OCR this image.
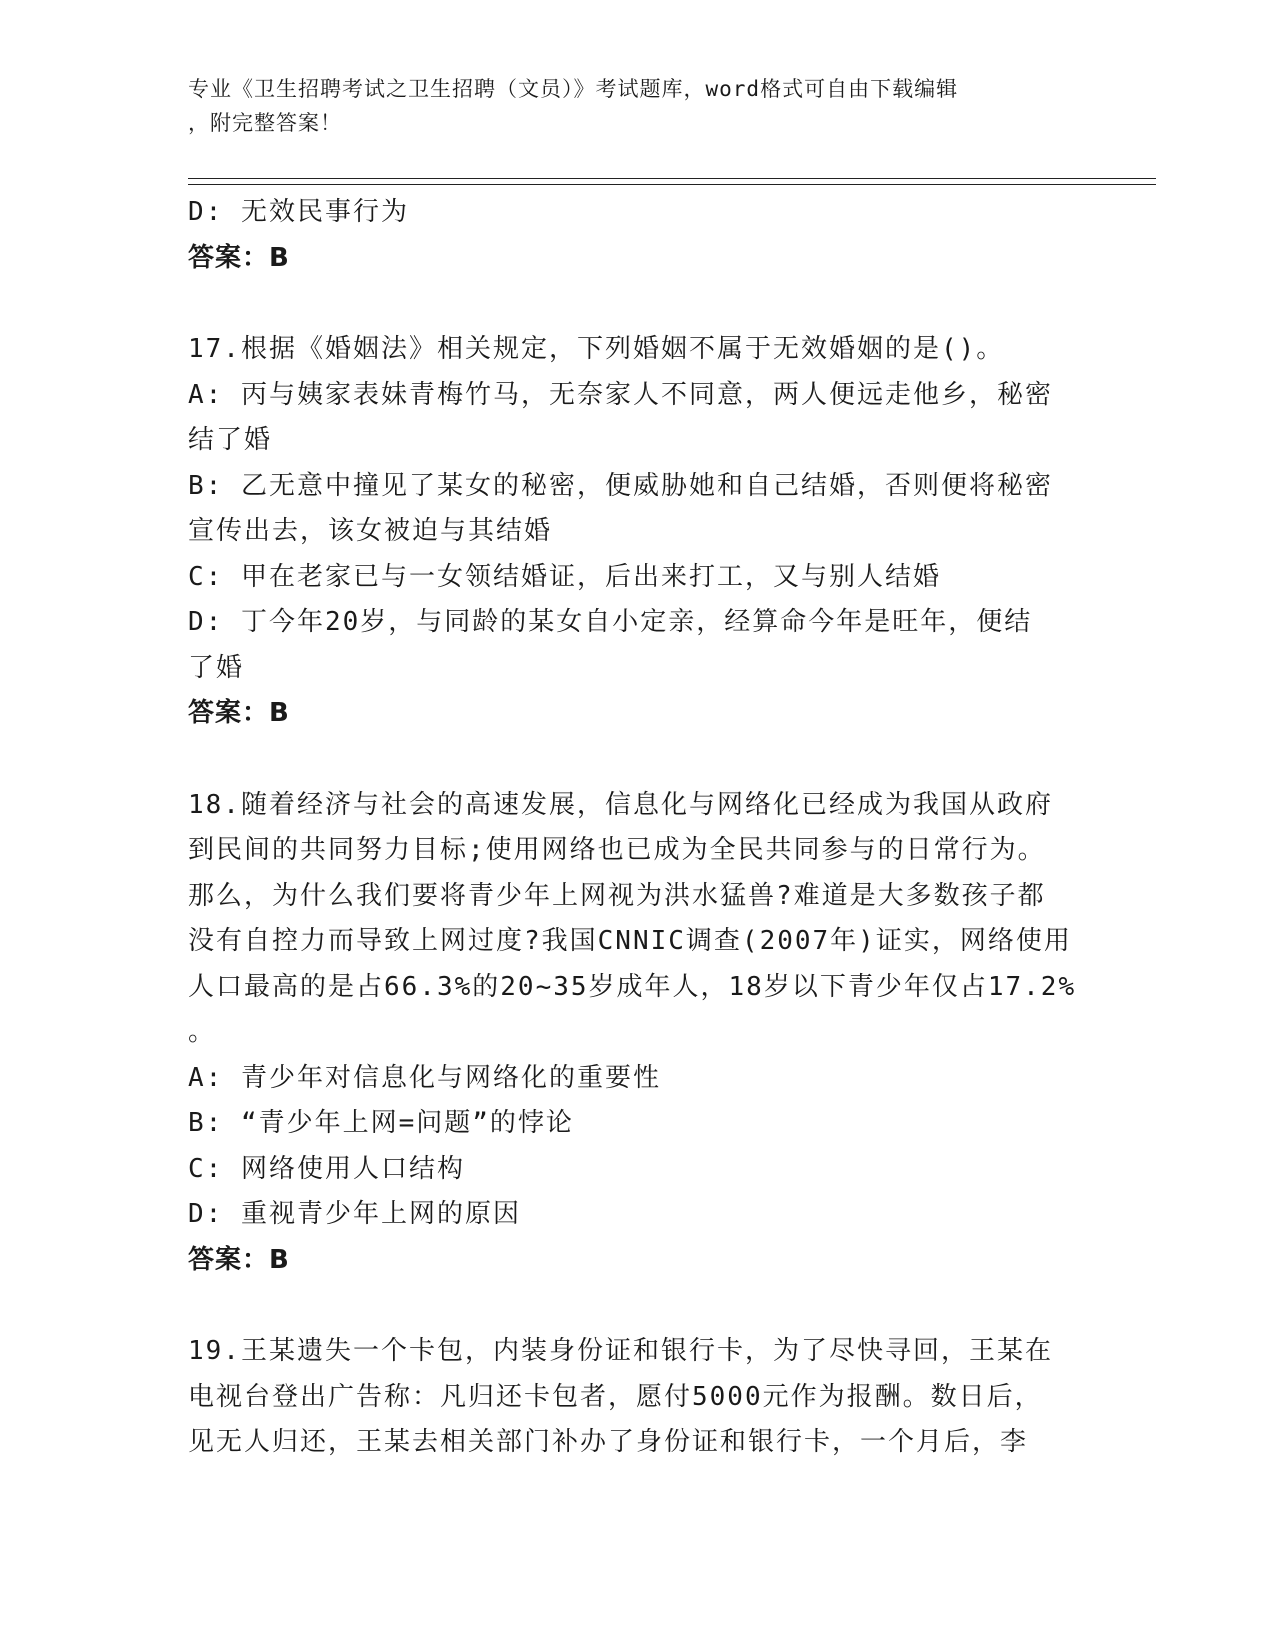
专业《卫生招聘考试之卫生招聘（文员）》考试题库，word格式可自由下载编辑
，附完整答案！
D: 无效民事行为
答案：B
17.根据《婚姻法》相关规定，下列婚姻不属于无效婚姻的是()。
A: 丙与姨家表妹青梅竹马，无奈家人不同意，两人便远走他乡，秘密
结了婚
B: 乙无意中撞见了某女的秘密，便威胁她和自己结婚，否则便将秘密
宣传出去，该女被迫与其结婚
C: 甲在老家已与一女领结婚证，后出来打工，又与别人结婚
D: 丁今年20岁，与同龄的某女自小定亲，经算命今年是旺年，便结
了婚
答案：B
18.随着经济与社会的高速发展，信息化与网络化已经成为我国从政府
到民间的共同努力目标;使用网络也已成为全民共同参与的日常行为。
那么，为什么我们要将青少年上网视为洪水猛兽?难道是大多数孩子都
没有自控力而导致上网过度?我国CNNIC调查(2007年)证实，网络使用
人口最高的是占66.3%的20~35岁成年人，18岁以下青少年仅占17.2%
。
A: 青少年对信息化与网络化的重要性
B: “青少年上网=问题”的悖论
C: 网络使用人口结构
D: 重视青少年上网的原因
答案：B
19.王某遗失一个卡包，内装身份证和银行卡，为了尽快寻回，王某在
电视台登出广告称：凡归还卡包者，愿付5000元作为报酬。数日后，
见无人归还，王某去相关部门补办了身份证和银行卡，一个月后，李
